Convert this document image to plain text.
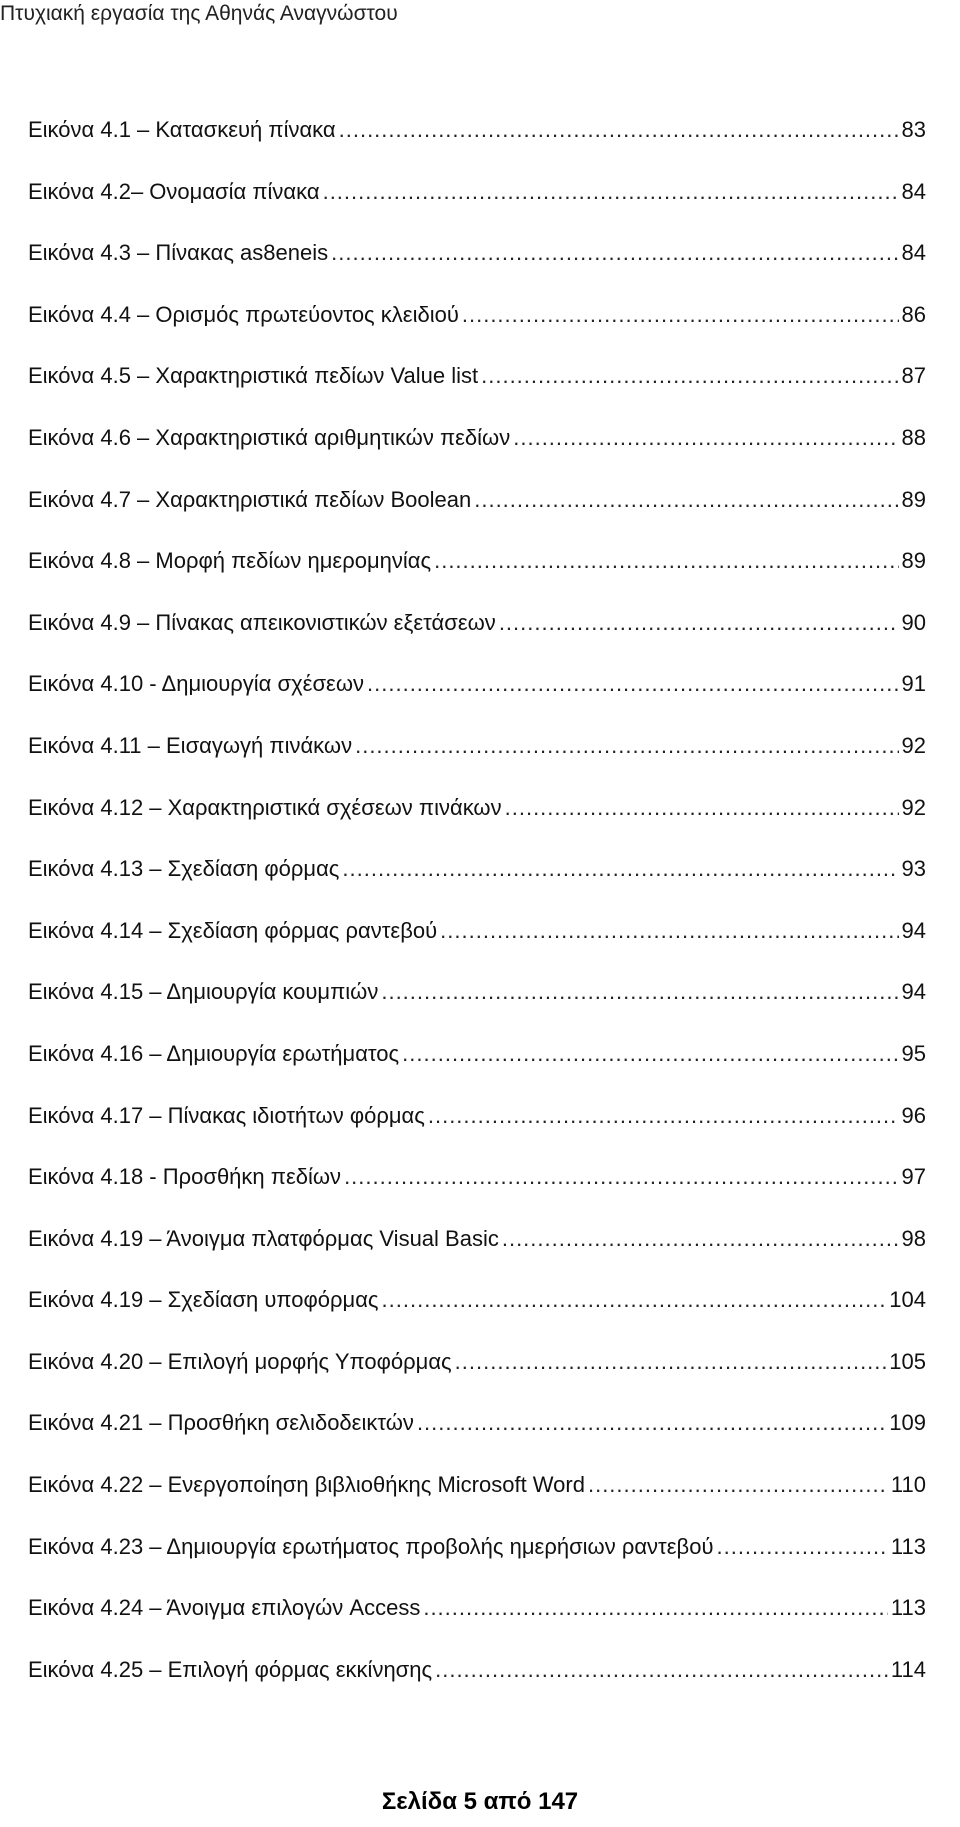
Πτυχιακή εργασία της Αθηνάς Αναγνώστου
Εικόνα 4.1 – Κατασκευή πίνακα .....	83
Εικόνα 4.2– Ονομασία πίνακα .....	84
Εικόνα 4.3 – Πίνακας as8eneis .....	84
Εικόνα 4.4 – Ορισμός πρωτεύοντος κλειδιού .....	86
Εικόνα 4.5 – Χαρακτηριστικά πεδίων Value list .....	87
Εικόνα 4.6 – Χαρακτηριστικά αριθμητικών πεδίων .....	88
Εικόνα 4.7 – Χαρακτηριστικά πεδίων Boolean .....	89
Εικόνα 4.8 – Μορφή πεδίων ημερομηνίας .....	89
Εικόνα 4.9 – Πίνακας απεικονιστικών εξετάσεων .....	90
Εικόνα 4.10 - Δημιουργία σχέσεων .....	91
Εικόνα 4.11 – Εισαγωγή πινάκων .....	92
Εικόνα 4.12 – Χαρακτηριστικά σχέσεων πινάκων .....	92
Εικόνα 4.13 – Σχεδίαση φόρμας .....	93
Εικόνα 4.14 – Σχεδίαση φόρμας ραντεβού .....	94
Εικόνα 4.15 – Δημιουργία κουμπιών .....	94
Εικόνα 4.16 – Δημιουργία ερωτήματος .....	95
Εικόνα 4.17 – Πίνακας ιδιοτήτων φόρμας .....	96
Εικόνα 4.18 - Προσθήκη πεδίων .....	97
Εικόνα 4.19 – Άνοιγμα πλατφόρμας Visual Basic .....	98
Εικόνα 4.19 – Σχεδίαση υποφόρμας .....	104
Εικόνα 4.20 – Επιλογή μορφής Υποφόρμας .....	105
Εικόνα 4.21 – Προσθήκη σελιδοδεικτών .....	109
Εικόνα 4.22 – Ενεργοποίηση βιβλιοθήκης Microsoft Word .....	110
Εικόνα 4.23 – Δημιουργία ερωτήματος προβολής ημερήσιων ραντεβού .....	113
Εικόνα 4.24 – Άνοιγμα επιλογών Access .....	113
Εικόνα 4.25 – Επιλογή φόρμας εκκίνησης .....	114
Σελίδα 5 από 147
